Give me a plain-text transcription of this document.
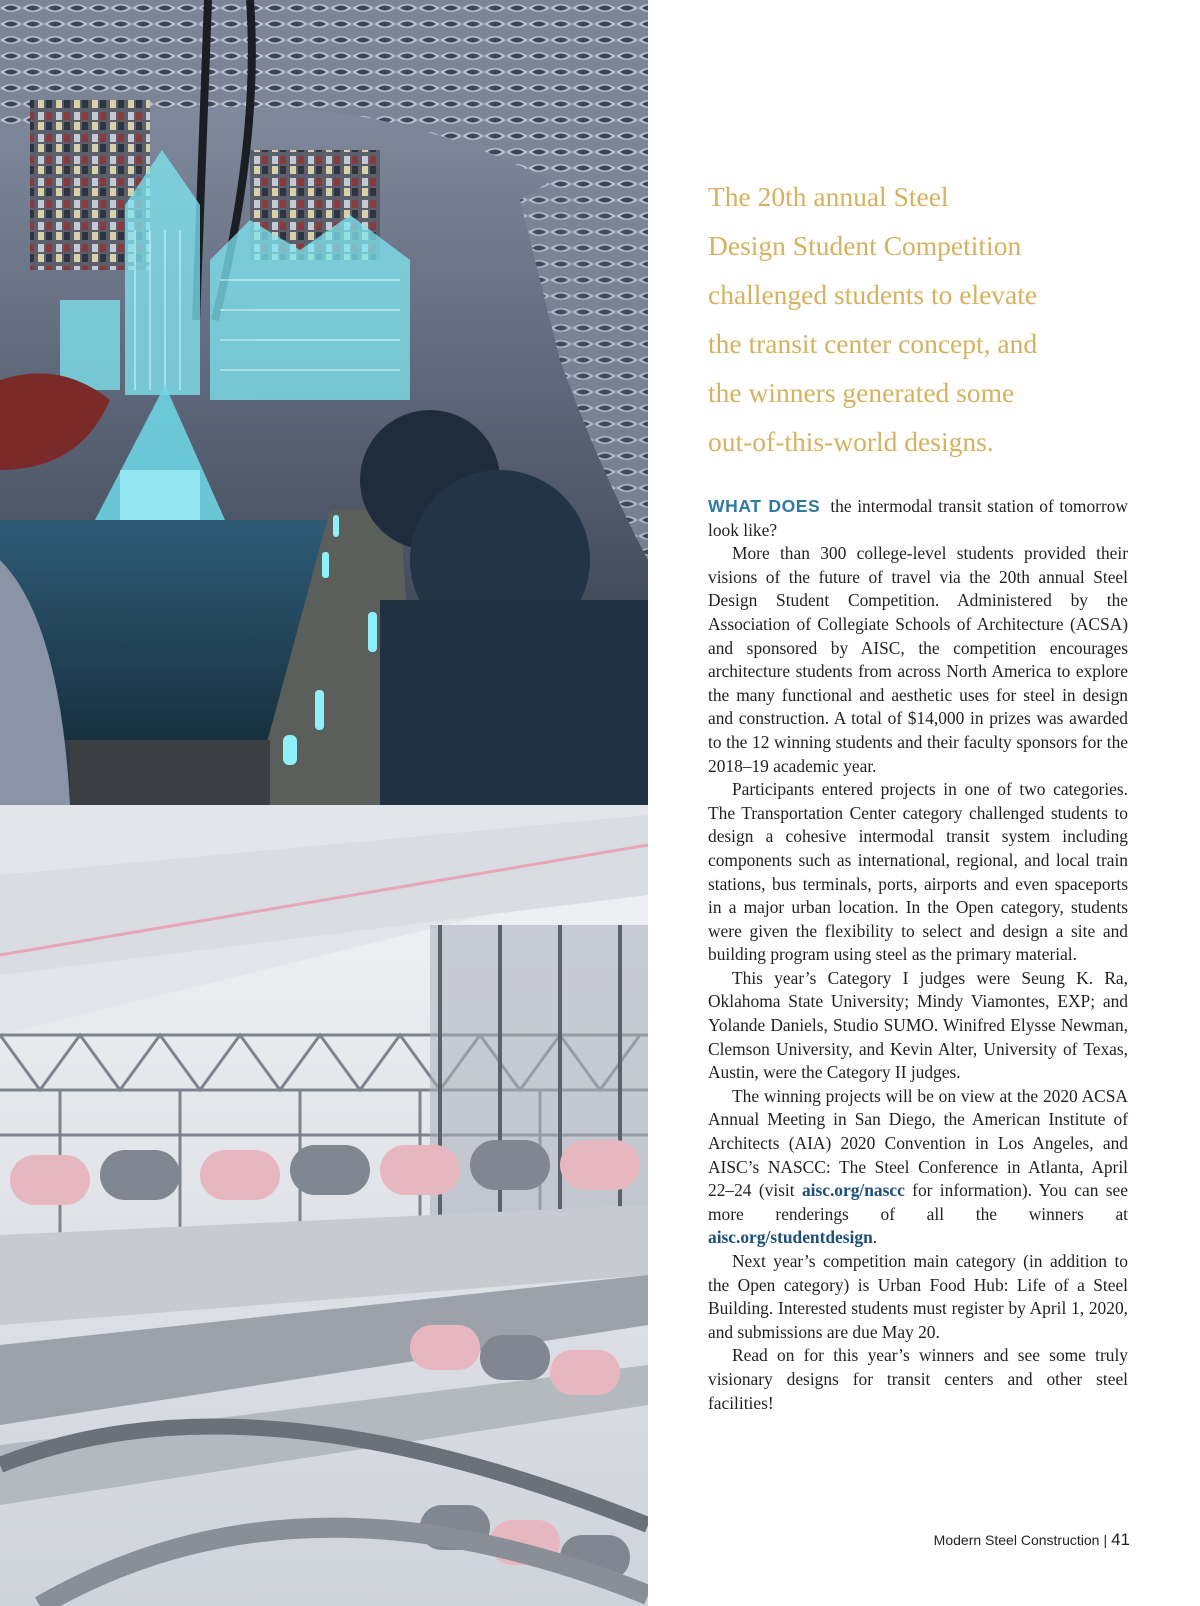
The 20th annual Steel

Design Student Competition

challenged students to elevate

the transit center concept, and

the winners generated some

out-of-this-world designs.

WHAT DOES the intermodal transit station of tomorrow look like?

More than 300 college-level students provided their visions of the future of travel via the 20th annual Steel Design Student Competition. Administered by the Association of Collegiate Schools of Architecture (ACSA) and sponsored by AISC, the competition encourages architecture students from across North America to explore the many functional and aesthetic uses for steel in design and construction. A total of $14,000 in prizes was awarded to the 12 winning students and their faculty sponsors for the 2018–19 academic year.

Participants entered projects in one of two categories. The Transportation Center category challenged students to design a cohesive intermodal transit system including components such as international, regional, and local train stations, bus terminals, ports, airports and even spaceports in a major urban location. In the Open category, students were given the flexibility to select and design a site and building program using steel as the primary material.

This year’s Category I judges were Seung K. Ra, Oklahoma State University; Mindy Viamontes, EXP; and Yolande Daniels, Studio SUMO. Winifred Elysse Newman, Clemson University, and Kevin Alter, University of Texas, Austin, were the Category II judges.

The winning projects will be on view at the 2020 ACSA Annual Meeting in San Diego, the American Institute of Architects (AIA) 2020 Convention in Los Angeles, and AISC’s NASCC: The Steel Conference in Atlanta, April 22–24 (visit aisc.org/nascc for information). You can see more renderings of all the winners at aisc.org/studentdesign.

Next year’s competition main category (in addition to the Open category) is Urban Food Hub: Life of a Steel Building. Interested students must register by April 1, 2020, and submissions are due May 20.

Read on for this year’s winners and see some truly visionary designs for transit centers and other steel facilities!

Modern Steel Construction | 41
